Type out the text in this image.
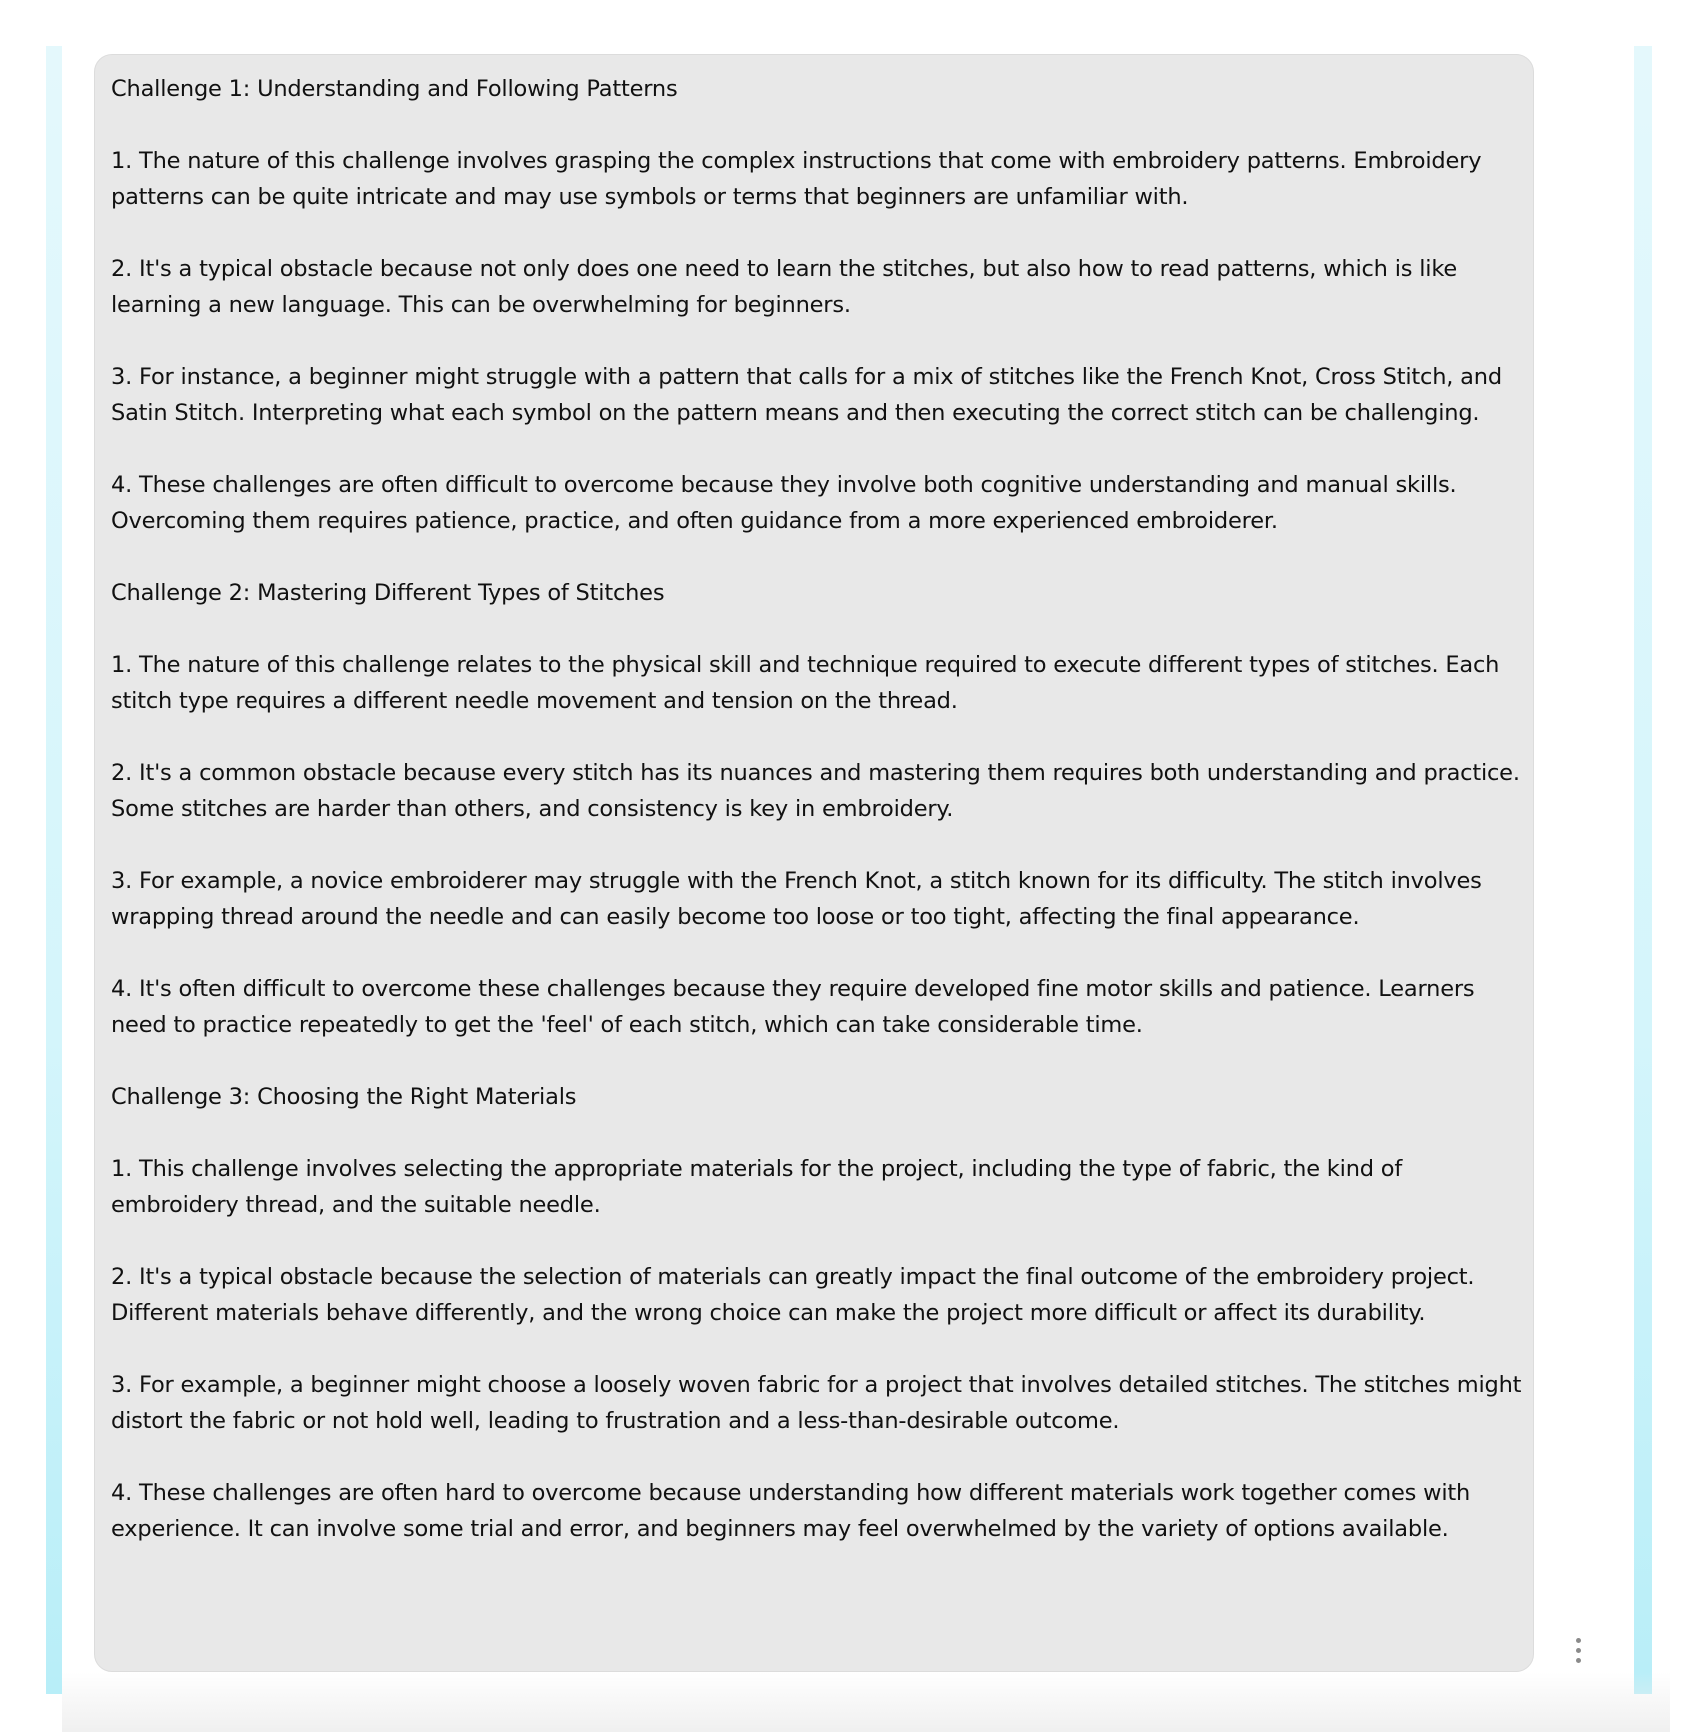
Challenge 1: Understanding and Following Patterns

1. The nature of this challenge involves grasping the complex instructions that come with embroidery patterns. Embroidery patterns can be quite intricate and may use symbols or terms that beginners are unfamiliar with.

2. It's a typical obstacle because not only does one need to learn the stitches, but also how to read patterns, which is like learning a new language. This can be overwhelming for beginners.

3. For instance, a beginner might struggle with a pattern that calls for a mix of stitches like the French Knot, Cross Stitch, and Satin Stitch. Interpreting what each symbol on the pattern means and then executing the correct stitch can be challenging.

4. These challenges are often difficult to overcome because they involve both cognitive understanding and manual skills. Overcoming them requires patience, practice, and often guidance from a more experienced embroiderer.

Challenge 2: Mastering Different Types of Stitches

1. The nature of this challenge relates to the physical skill and technique required to execute different types of stitches. Each stitch type requires a different needle movement and tension on the thread.

2. It's a common obstacle because every stitch has its nuances and mastering them requires both understanding and practice. Some stitches are harder than others, and consistency is key in embroidery.

3. For example, a novice embroiderer may struggle with the French Knot, a stitch known for its difficulty. The stitch involves wrapping thread around the needle and can easily become too loose or too tight, affecting the final appearance.

4. It's often difficult to overcome these challenges because they require developed fine motor skills and patience. Learners need to practice repeatedly to get the 'feel' of each stitch, which can take considerable time.

Challenge 3: Choosing the Right Materials

1. This challenge involves selecting the appropriate materials for the project, including the type of fabric, the kind of embroidery thread, and the suitable needle.

2. It's a typical obstacle because the selection of materials can greatly impact the final outcome of the embroidery project. Different materials behave differently, and the wrong choice can make the project more difficult or affect its durability.

3. For example, a beginner might choose a loosely woven fabric for a project that involves detailed stitches. The stitches might distort the fabric or not hold well, leading to frustration and a less-than-desirable outcome.

4. These challenges are often hard to overcome because understanding how different materials work together comes with experience. It can involve some trial and error, and beginners may feel overwhelmed by the variety of options available.
